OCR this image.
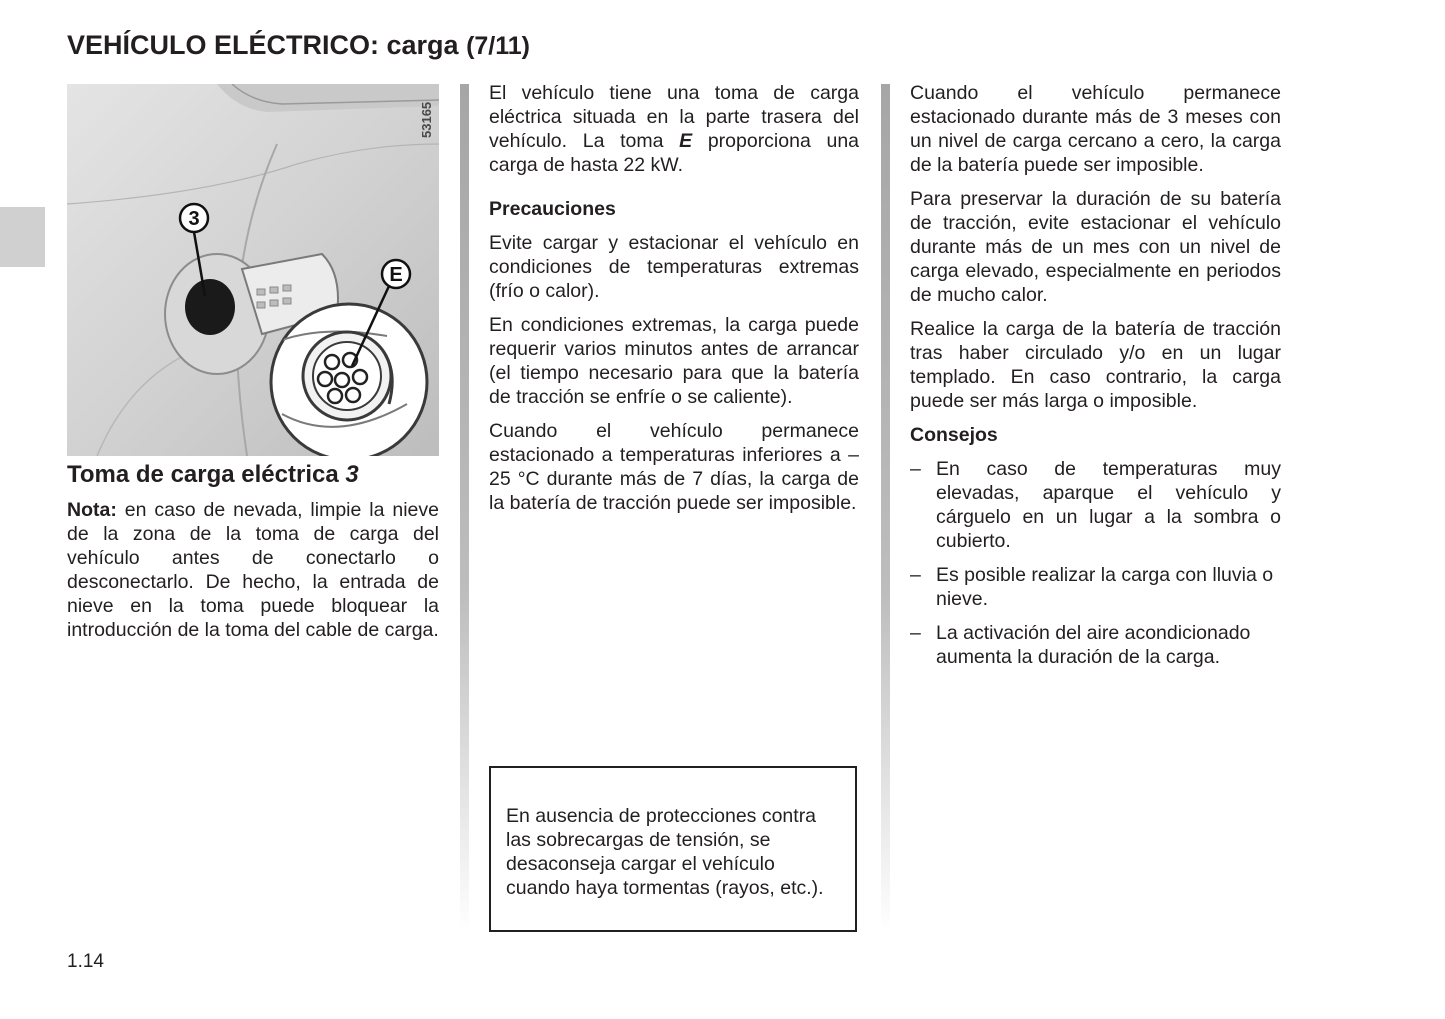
VEHÍCULO ELÉCTRICO: carga (7/11)
3
E
53165
Toma de carga eléctrica 3

Nota: en caso de nevada, limpie la nieve de la zona de la toma de carga del vehículo antes de conectarlo o desconectarlo. De hecho, la entrada de nieve en la toma puede bloquear la introducción de la toma del cable de carga.

El vehículo tiene una toma de carga eléctrica situada en la parte trasera del vehículo. La toma E proporciona una carga de hasta 22 kW.

Precauciones

Evite cargar y estacionar el vehículo en condiciones de temperaturas extremas (frío o calor).

En condiciones extremas, la carga puede requerir varios minutos antes de arrancar (el tiempo necesario para que la batería de tracción se enfríe o se caliente).

Cuando el vehículo permanece estacionado a temperaturas inferiores a –25 °C durante más de 7 días, la carga de la batería de tracción puede ser imposible.

En ausencia de protecciones contra las sobrecargas de tensión, se desaconseja cargar el vehículo cuando haya tormentas (rayos, etc.).

Cuando el vehículo permanece estacionado durante más de 3 meses con un nivel de carga cercano a cero, la carga de la batería puede ser imposible.

Para preservar la duración de su batería de tracción, evite estacionar el vehículo durante más de un mes con un nivel de carga elevado, especialmente en periodos de mucho calor.

Realice la carga de la batería de tracción tras haber circulado y/o en un lugar templado. En caso contrario, la carga puede ser más larga o imposible.

Consejos

– En caso de temperaturas muy elevadas, aparque el vehículo y cárguelo en un lugar a la sombra o cubierto.
– Es posible realizar la carga con lluvia o nieve.
– La activación del aire acondicionado aumenta la duración de la carga.
1.14
